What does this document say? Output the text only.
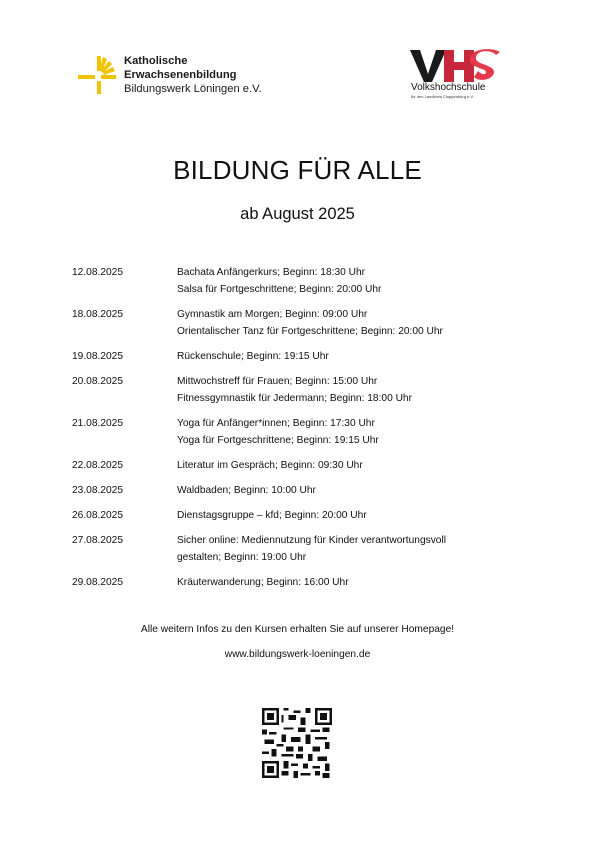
Katholische
Erwachsenenbildung
Bildungswerk Löningen e.V.	Volkshochschule
für den Landkreis Cloppenburg e.V.
BILDUNG FÜR ALLE
ab August 2025
12.08.2025	Bachata Anfängerkurs; Beginn: 18:30 Uhr
Salsa für Fortgeschrittene; Beginn: 20:00 Uhr
18.08.2025	Gymnastik am Morgen; Beginn: 09:00 Uhr
Orientalischer Tanz für Fortgeschrittene; Beginn: 20:00 Uhr
19.08.2025	Rückenschule; Beginn: 19:15 Uhr
20.08.2025	Mittwochstreff für Frauen; Beginn: 15:00 Uhr
Fitnessgymnastik für Jedermann; Beginn: 18:00 Uhr
21.08.2025	Yoga für Anfänger*innen; Beginn: 17:30 Uhr
Yoga für Fortgeschrittene; Beginn: 19:15 Uhr
22.08.2025	Literatur im Gespräch; Beginn: 09:30 Uhr
23.08.2025	Waldbaden; Beginn: 10:00 Uhr
26.08.2025	Dienstagsgruppe – kfd; Beginn: 20:00 Uhr
27.08.2025	Sicher online: Mediennutzung für Kinder verantwortungsvoll
gestalten; Beginn: 19:00 Uhr
29.08.2025	Kräuterwanderung; Beginn: 16:00 Uhr
Alle weitern Infos zu den Kursen erhalten Sie auf unserer Homepage!
www.bildungswerk-loeningen.de
